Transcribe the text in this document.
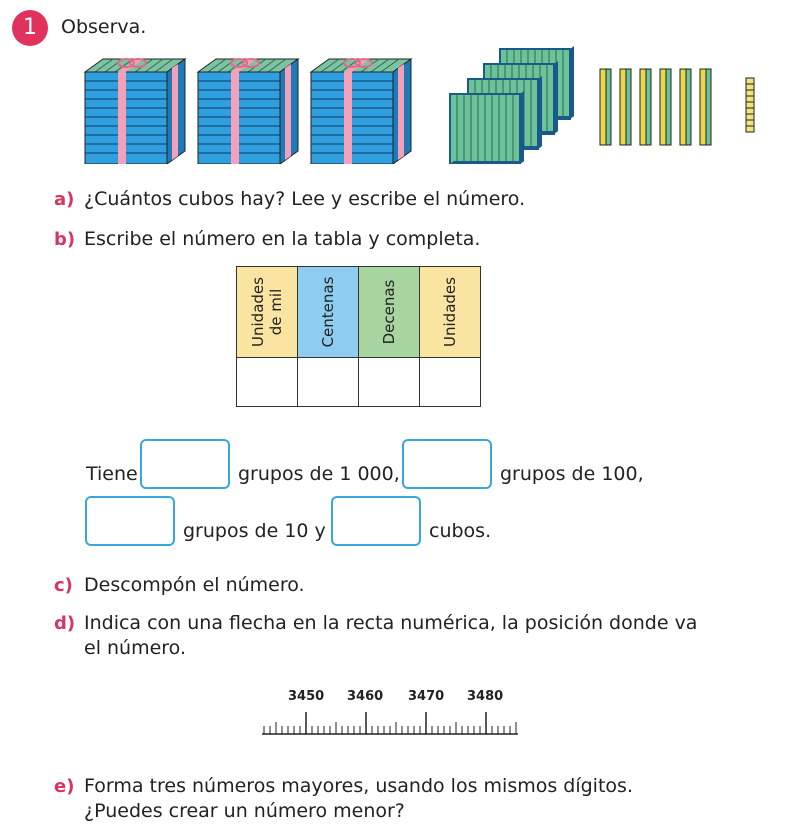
1	Observa.
a) ¿Cuántos cubos hay? Lee y escribe el número.
b) Escribe el número en la tabla y completa.
Unidades
de mil	Centenas	Decenas	Unidades

Tiene	grupos de 1 000,	grupos de 100,
grupos de 10 y	cubos.
c) Descompón el número.
d) Indica con una flecha en la recta numérica, la posición donde va
el número.
3450 3460 3470 3480
e) Forma tres números mayores, usando los mismos dígitos.
¿Puedes crear un número menor?
